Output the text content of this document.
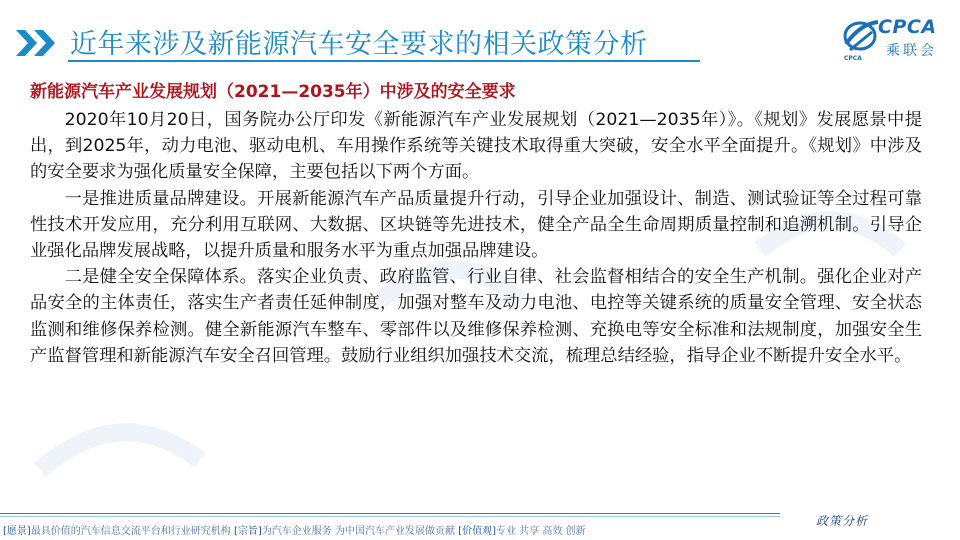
近年来涉及新能源汽车安全要求的相关政策分析	CPCA
CPCA
乘联会
新能源汽车产业发展规划（2021—2035年）中涉及的安全要求

2020年10月20日，国务院办公厅印发《新能源汽车产业发展规划（2021—2035年）》。《规划》发展愿景中提出，到2025年，动力电池、驱动电机、车用操作系统等关键技术取得重大突破，安全水平全面提升。《规划》中涉及的安全要求为强化质量安全保障，主要包括以下两个方面。

一是推进质量品牌建设。开展新能源汽车产品质量提升行动，引导企业加强设计、制造、测试验证等全过程可靠性技术开发应用，充分利用互联网、大数据、区块链等先进技术，健全产品全生命周期质量控制和追溯机制。引导企业强化品牌发展战略，以提升质量和服务水平为重点加强品牌建设。

二是健全安全保障体系。落实企业负责、政府监管、行业自律、社会监督相结合的安全生产机制。强化企业对产品安全的主体责任，落实生产者责任延伸制度，加强对整车及动力电池、电控等关键系统的质量安全管理、安全状态监测和维修保养检测。健全新能源汽车整车、零部件以及维修保养检测、充换电等安全标准和法规制度，加强安全生产监督管理和新能源汽车安全召回管理。鼓励行业组织加强技术交流，梳理总结经验，指导企业不断提升安全水平。

[愿景]最具价值的汽车信息交流平台和行业研究机构 [宗旨]为汽车企业服务 为中国汽车产业发展做贡献 [价值观]专业 共享 高效 创新
政策分析
